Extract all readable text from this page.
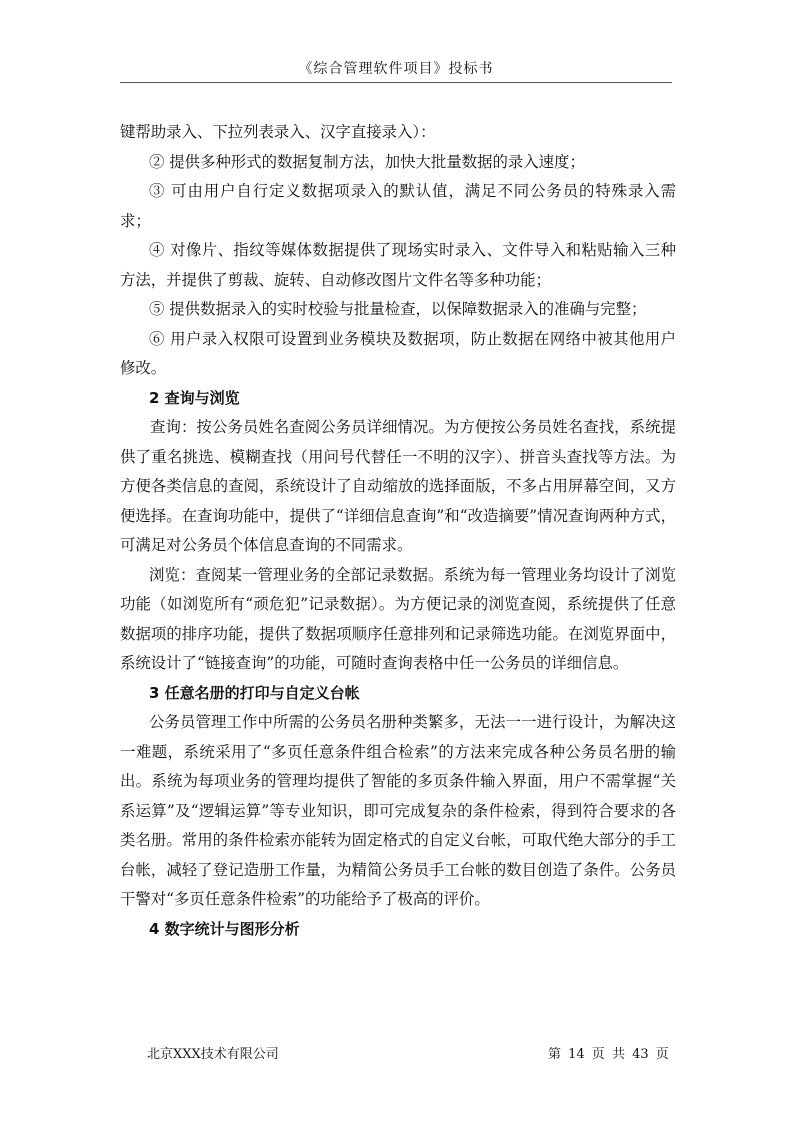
《综合管理软件项目》投标书

键帮助录入、下拉列表录入、汉字直接录入）：

② 提供多种形式的数据复制方法，加快大批量数据的录入速度；

③ 可由用户自行定义数据项录入的默认值，满足不同公务员的特殊录入需求；

④ 对像片、指纹等媒体数据提供了现场实时录入、文件导入和粘贴输入三种方法，并提供了剪裁、旋转、自动修改图片文件名等多种功能；

⑤ 提供数据录入的实时校验与批量检查，以保障数据录入的准确与完整；

⑥ 用户录入权限可设置到业务模块及数据项，防止数据在网络中被其他用户修改。

2 查询与浏览

查询：按公务员姓名查阅公务员详细情况。为方便按公务员姓名查找，系统提供了重名挑选、模糊查找（用问号代替任一不明的汉字）、拼音头查找等方法。为方便各类信息的查阅，系统设计了自动缩放的选择面版，不多占用屏幕空间，又方便选择。在查询功能中，提供了“详细信息查询”和“改造摘要”情况查询两种方式，可满足对公务员个体信息查询的不同需求。

浏览：查阅某一管理业务的全部记录数据。系统为每一管理业务均设计了浏览功能（如浏览所有“顽危犯”记录数据）。为方便记录的浏览查阅，系统提供了任意数据项的排序功能，提供了数据项顺序任意排列和记录筛选功能。在浏览界面中，系统设计了“链接查询”的功能，可随时查询表格中任一公务员的详细信息。

3 任意名册的打印与自定义台帐

公务员管理工作中所需的公务员名册种类繁多，无法一一进行设计，为解决这一难题，系统采用了“多页任意条件组合检索”的方法来完成各种公务员名册的输出。系统为每项业务的管理均提供了智能的多页条件输入界面，用户不需掌握“关系运算”及“逻辑运算”等专业知识，即可完成复杂的条件检索，得到符合要求的各类名册。常用的条件检索亦能转为固定格式的自定义台帐，可取代绝大部分的手工台帐，减轻了登记造册工作量，为精简公务员手工台帐的数目创造了条件。公务员干警对“多页任意条件检索”的功能给予了极高的评价。

4 数字统计与图形分析

北京XXX技术有限公司	第 14 页 共 43 页
